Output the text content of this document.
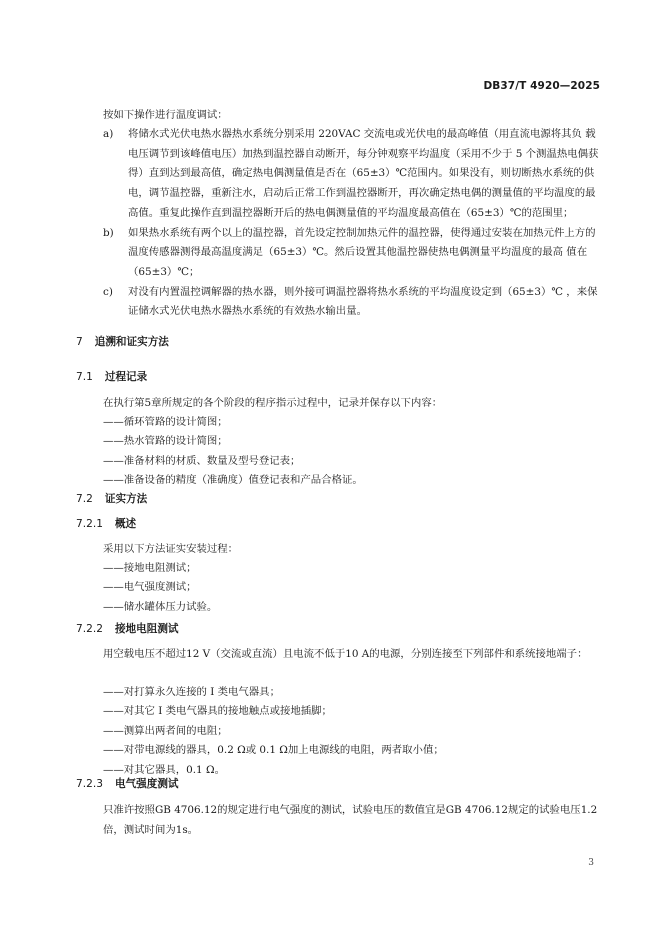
DB37/T 4920—2025

按如下操作进行温度调试：

a)	将储水式光伏电热水器热水系统分别采用 220VAC 交流电或光伏电的最高峰值（用直流电源将其负 载电压调节到该峰值电压）加热到温控器自动断开，每分钟观察平均温度（采用不少于 5 个测温热电偶获得）直到达到最高值，确定热电偶测量值是否在（65±3）℃范围内。如果没有，则切断热水系统的供电，调节温控器，重新注水，启动后正常工作到温控器断开，再次确定热电偶的测量值的平均温度的最高值。重复此操作直到温控器断开后的热电偶测量值的平均温度最高值在（65±3）℃的范围里；
b)	如果热水系统有两个以上的温控器，首先设定控制加热元件的温控器，使得通过安装在加热元件上方的温度传感器测得最高温度满足（65±3）℃。然后设置其他温控器使热电偶测量平均温度的最高 值在（65±3）℃；
c)	对没有内置温控调解器的热水器，则外接可调温控器将热水系统的平均温度设定到（65±3）℃ ，来保证储水式光伏电热水器热水系统的有效热水输出量。
7 追溯和证实方法
7.1 过程记录

在执行第5章所规定的各个阶段的程序指示过程中，记录并保存以下内容：

——循环管路的设计简图；
——热水管路的设计简图；
——准备材料的材质、数量及型号登记表；
——准备设备的精度（准确度）值登记表和产品合格证。
7.2 证实方法
7.2.1 概述

采用以下方法证实安装过程：

——接地电阻测试；
——电气强度测试；
——储水罐体压力试验。
7.2.2 接地电阻测试

用空载电压不超过12 V（交流或直流）且电流不低于10 A的电源，分别连接至下列部件和系统接地端子：

——对打算永久连接的 I 类电气器具；
——对其它 I 类电气器具的接地触点或接地插脚；
——测算出两者间的电阻；
——对带电源线的器具，0.2 Ω或 0.1 Ω加上电源线的电阻，两者取小值；
——对其它器具，0.1 Ω。
7.2.3 电气强度测试

只准许按照GB 4706.12的规定进行电气强度的测试，试验电压的数值宜是GB 4706.12规定的试验电压1.2倍，测试时间为1s。

3
